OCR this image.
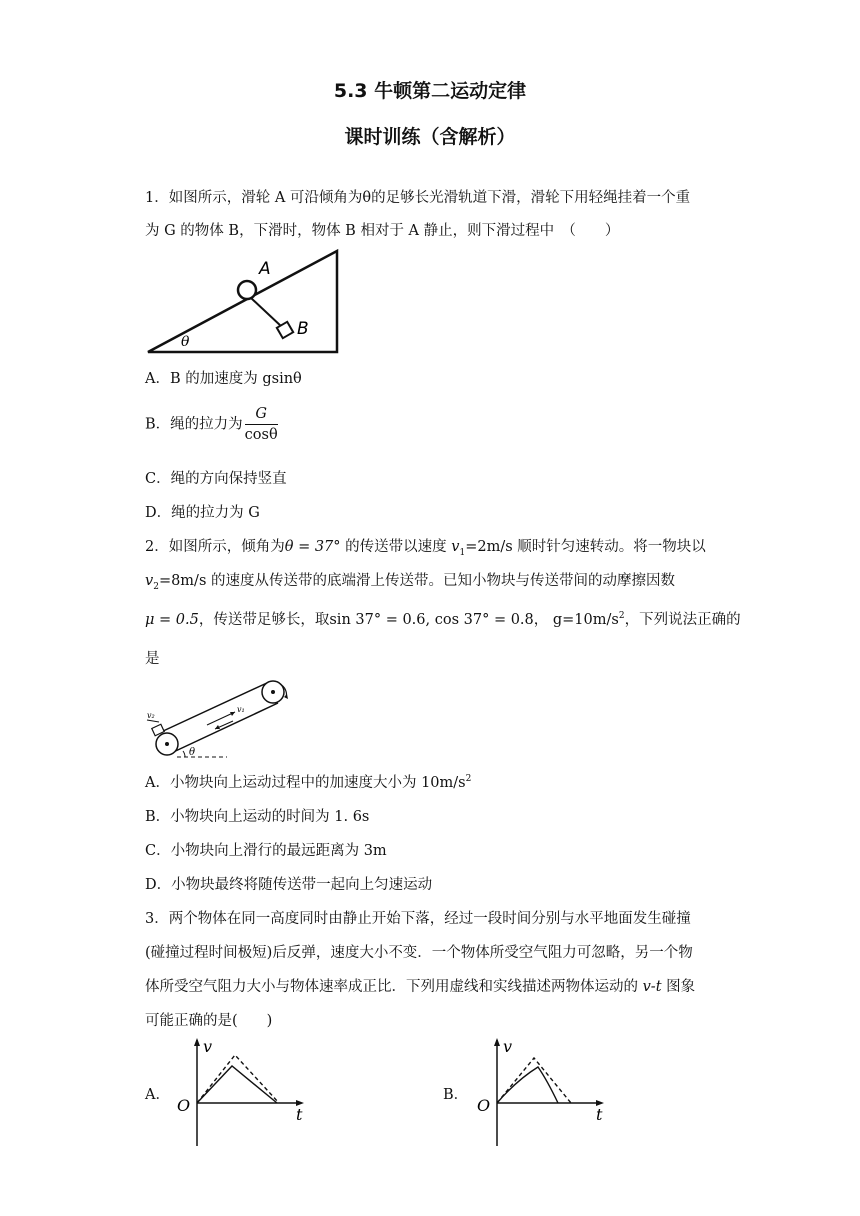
5.3 牛顿第二运动定律
课时训练（含解析）
1．如图所示，滑轮 A 可沿倾角为θ的足够长光滑轨道下滑，滑轮下用轻绳挂着一个重
为 G 的物体 B，下滑时，物体 B 相对于 A 静止，则下滑过程中　（　　）
A
B
θ
A．B 的加速度为 gsinθ
B．绳的拉力为 $\frac{G}{\cos\theta}$
C．绳的方向保持竖直
D．绳的拉力为 G
2．如图所示，倾角为θ = 37° 的传送带以速度 $v_1=2m/s$ 顺时针匀速转动。将一物块以
$v_2=8m/s$ 的速度从传送带的底端滑上传送带。已知小物块与传送带间的动摩擦因数
μ = 0.5，传送带足够长，取sin 37° = 0.6, cos 37° = 0.8， $g=10m/s^2$，下列说法正确的
是
v₁
v₂
θ
A．小物块向上运动过程中的加速度大小为 $10m/s^2$
B．小物块向上运动的时间为 1. 6s
C．小物块向上滑行的最远距离为 3m
D．小物块最终将随传送带一起向上匀速运动
3．两个物体在同一高度同时由静止开始下落，经过一段时间分别与水平地面发生碰撞
(碰撞过程时间极短)后反弹，速度大小不变．一个物体所受空气阻力可忽略，另一个物
体所受空气阻力大小与物体速率成正比．下列用虚线和实线描述两物体运动的 v-t 图象
可能正确的是(　　)
A．
v
O	t
B．
v
O	t
